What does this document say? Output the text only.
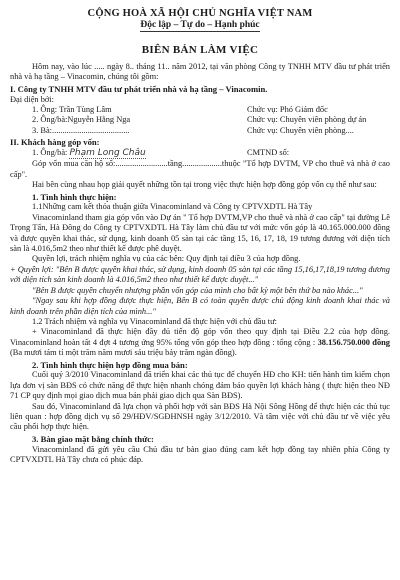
CỘNG HOÀ XÃ HỘI CHỦ NGHĨA VIỆT NAM
Độc lập – Tự do – Hạnh phúc
BIÊN BẢN LÀM VIỆC

Hôm nay, vào lúc ..... ngày 8.. tháng 11.. năm 2012, tại văn phòng Công ty TNHH MTV đầu tư phát triển nhà và hạ tầng – Vinacomin, chúng tôi gồm:

I. Công ty TNHH MTV đầu tư phát triển nhà và hạ tầng – Vinacomin.

Đại diện bởi:

1. Ông: Trần Tùng Lâm	Chức vụ: Phó Giám đốc
2. Ông/bà:Nguyễn Hằng Nga	Chức vụ: Chuyên viên phòng dự án
3. Bà:.....................................	Chức vụ: Chuyên viên phòng....
II. Khách hàng góp vốn:
1. Ông/bà: Phạm Long Châu	CMTND số:

Góp vốn mua căn hộ số:.........................tầng...................thuộc "Tổ hợp DVTM, VP cho thuê và nhà ở cao cấp".

Hai bên cùng nhau họp giải quyết những tồn tại trong việc thực hiện hợp đồng góp vốn cụ thể như sau:

1. Tình hình thực hiện:

1.1Những cam kết thỏa thuận giữa Vinacominland và Công ty CPTVXDTL Hà Tây

Vinacominland tham gia góp vốn vào Dự án " Tổ hợp DVTM,VP cho thuê và nhà ở cao cấp" tại đường Lê Trọng Tấn, Hà Đông do Công ty CPTVXDTL Hà Tây làm chủ đầu tư với mức vốn góp là 40.165.000.000 đồng và được quyền khai thác, sử dụng, kinh doanh 05 sàn tại các tầng 15, 16, 17, 18, 19 tương đương với diện tích sàn là 4.016,5m2 theo như thiết kế được phê duyệt.

Quyền lợi, trách nhiệm nghĩa vụ của các bên: Quy định tại điều 3 của hợp đồng.

+ Quyền lợi: "Bên B được quyền khai thác, sử dụng, kinh doanh 05 sàn tại các tầng 15,16,17,18,19 tương đương với diện tích sàn kinh doanh là 4.016,5m2 theo như thiết kế được duyệt..."

"Bên B được quyền chuyển nhượng phần vốn góp của mình cho bất kỳ một bên thứ ba nào khác..."

"Ngay sau khi hợp đồng được thực hiện, Bên B có toàn quyền được chủ động kinh doanh khai thác và kinh doanh trên phần diện tích của mình..."

1.2 Trách nhiệm và nghĩa vụ Vinacominland đã thực hiện với chủ đầu tư:

+ Vinacominland đã thực hiện đầy đủ tiến độ góp vốn theo quy định tại Điều 2.2 của hợp đồng. Vinacominland hoàn tất 4 đợt 4 tương ứng 95% tổng vốn góp theo hợp đồng : tổng cộng : 38.156.750.000 đồng (Ba mươi tám tỉ một trăm năm mươi sáu triệu bảy trăm ngàn đồng).

2. Tình hình thực hiện hợp đồng mua bán:

Cuối quý 3/2010 Vinacominland đã triển khai các thủ tục để chuyển HĐ cho KH: tiến hành tìm kiếm chọn lựa đơn vị sàn BĐS có chức năng để thực hiện nhanh chóng đảm bảo quyền lợi khách hàng ( thực hiện theo NĐ 71 CP quy định mọi giao dịch mua bán phải giao dịch qua Sàn BĐS).

Sau đó, Vinacominland đã lựa chọn và phối hợp với sàn BĐS Hà Nội Sông Hồng để thực hiện các thủ tục liên quan : hợp đồng dịch vụ số 29/HĐV/SGĐHNSH ngày 3/12/2010. Và tâm việc với chủ đầu tư về việc yêu cầu phối hợp thực hiện.

3. Bàn giao mặt bằng chính thức:

Vinacominland đã gửi yêu cầu Chủ đầu tư bàn giao đúng cam kết hợp đồng tay nhiên phía Công ty CPTVXDTL Hà Tây chưa có phúc đáp.
